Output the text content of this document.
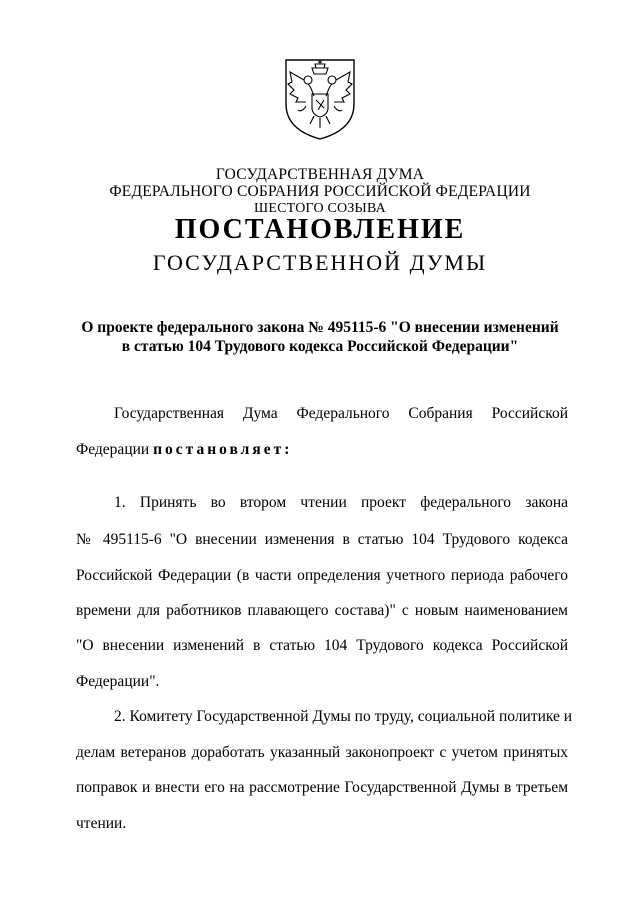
ГОСУДАРСТВЕННАЯ ДУМА
ФЕДЕРАЛЬНОГО СОБРАНИЯ РОССИЙСКОЙ ФЕДЕРАЦИИ
ШЕСТОГО СОЗЫВА
ПОСТАНОВЛЕНИЕ
ГОСУДАРСТВЕННОЙ ДУМЫ
О проекте федерального закона № 495115-6 "О внесении изменений
в статью 104 Трудового кодекса Российской Федерации"
Государственная Дума Федерального Собрания Российской
Федерации постановляет:
1. Принять во втором чтении проект федерального закона
№ 495115-6 "О внесении изменения в статью 104 Трудового кодекса
Российской Федерации (в части определения учетного периода рабочего
времени для работников плавающего состава)" с новым наименованием
"О внесении изменений в статью 104 Трудового кодекса Российской
Федерации".
2. Комитету Государственной Думы по труду, социальной политике и
делам ветеранов доработать указанный законопроект с учетом принятых
поправок и внести его на рассмотрение Государственной Думы в третьем
чтении.
